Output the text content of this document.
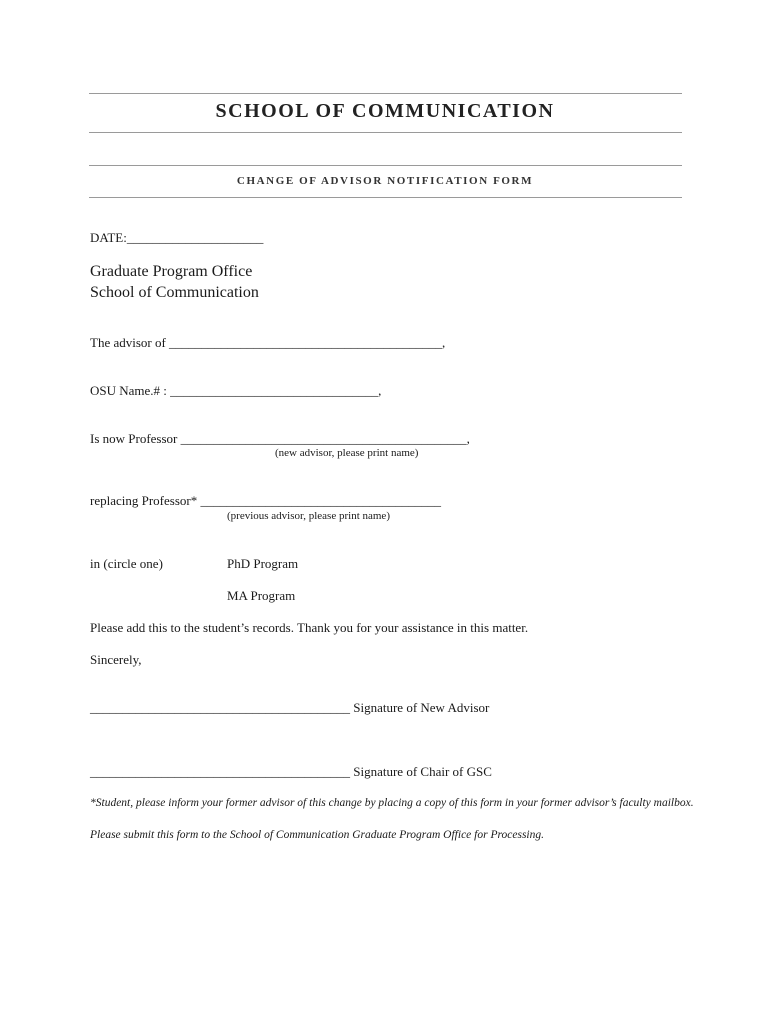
SCHOOL OF COMMUNICATION
CHANGE OF ADVISOR NOTIFICATION FORM
DATE:_____________________
Graduate Program Office
School of Communication
The advisor of __________________________________________,
OSU Name.# : ________________________________,
Is now Professor ____________________________________________,
(new advisor, please print name)
replacing Professor* _____________________________________
(previous advisor, please print name)
in (circle one)	PhD Program
MA Program
Please add this to the student’s records. Thank you for your assistance in this matter.
Sincerely,
________________________________________ Signature of New Advisor
________________________________________ Signature of Chair of GSC
*Student, please inform your former advisor of this change by placing a copy of this form in your former advisor’s faculty mailbox.
Please submit this form to the School of Communication Graduate Program Office for Processing.
